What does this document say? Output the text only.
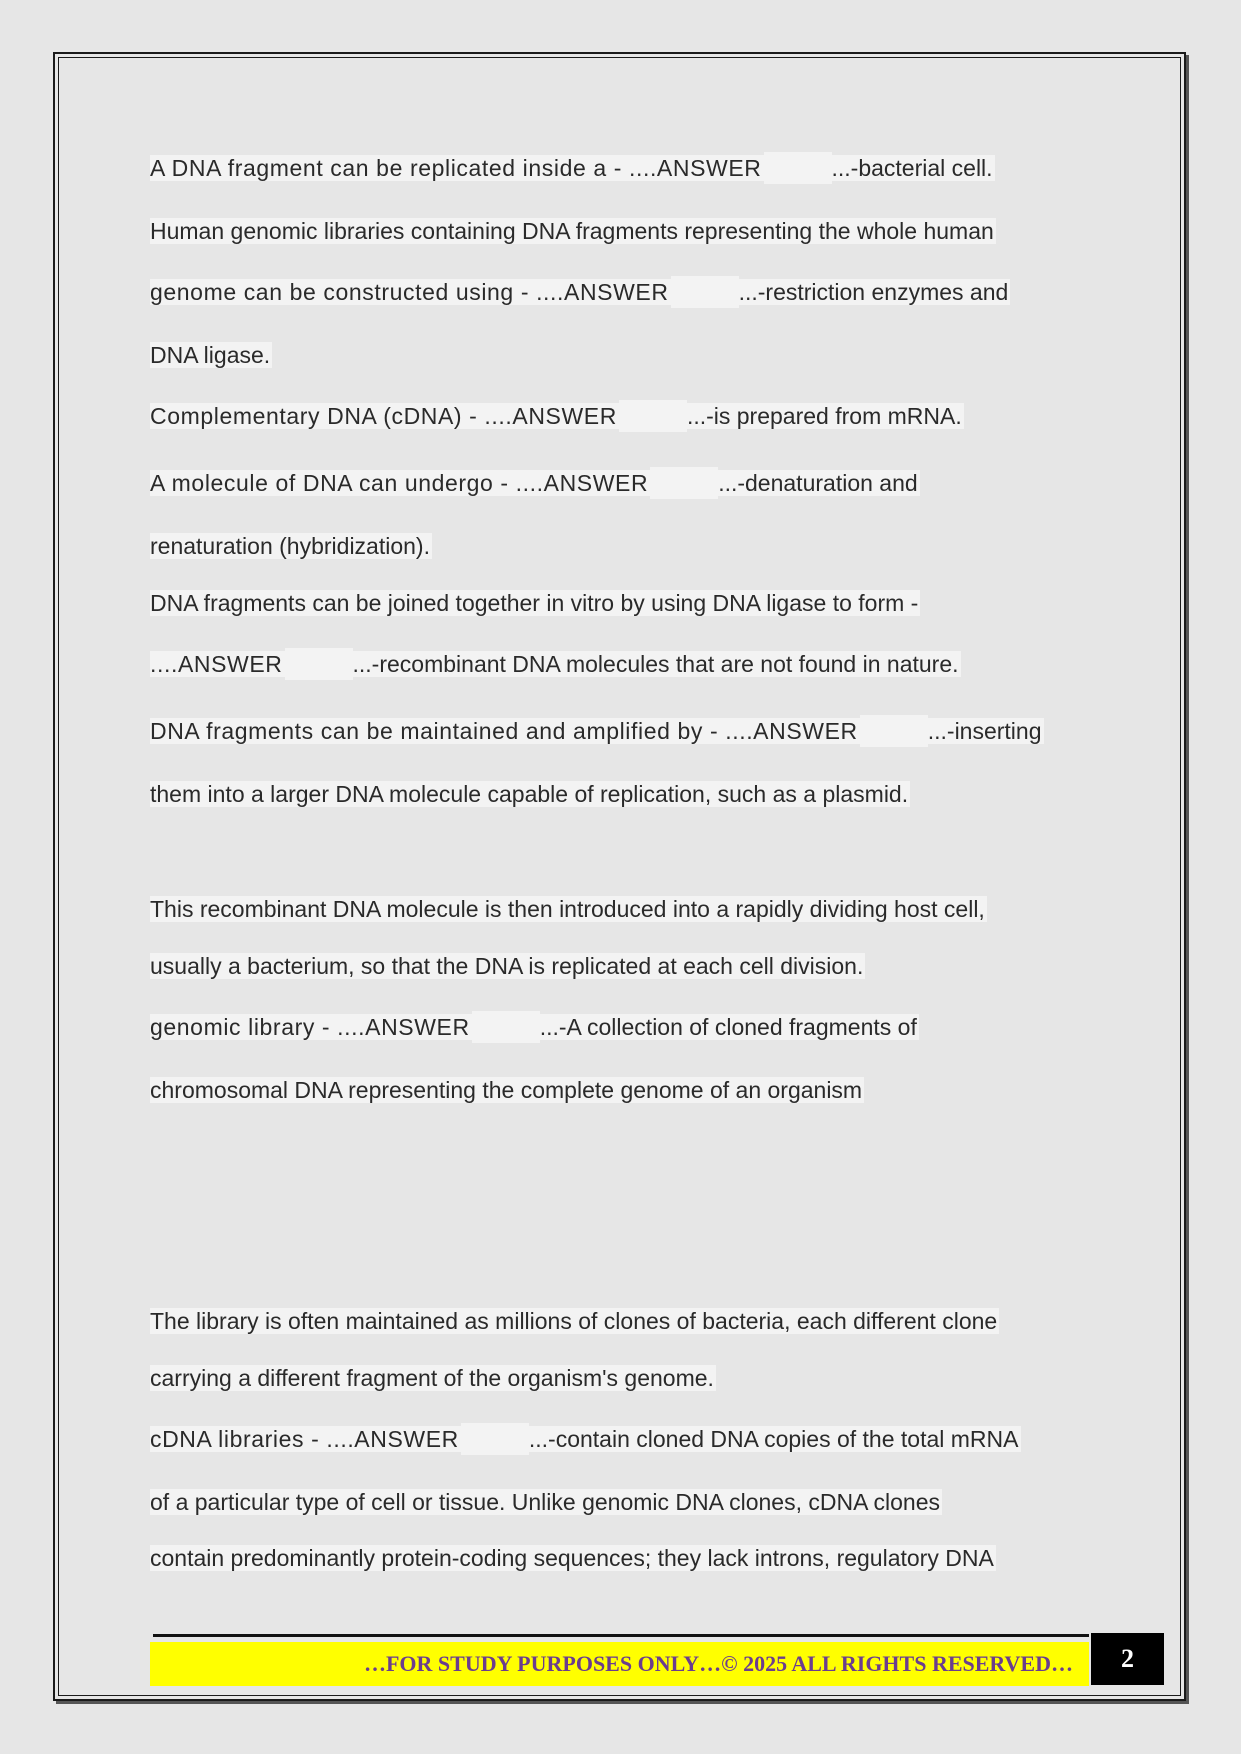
A DNA fragment can be replicated inside a - ....ANSWER	...-bacterial cell.
Human genomic libraries containing DNA fragments representing the whole human
genome can be constructed using - ....ANSWER	...-restriction enzymes and
DNA ligase.
Complementary DNA (cDNA) - ....ANSWER	...-is prepared from mRNA.
A molecule of DNA can undergo - ....ANSWER	...-denaturation and
renaturation (hybridization).
DNA fragments can be joined together in vitro by using DNA ligase to form -
....ANSWER	...-recombinant DNA molecules that are not found in nature.
DNA fragments can be maintained and amplified by - ....ANSWER	...-inserting
them into a larger DNA molecule capable of replication, such as a plasmid.
This recombinant DNA molecule is then introduced into a rapidly dividing host cell,
usually a bacterium, so that the DNA is replicated at each cell division.
genomic library - ....ANSWER	...-A collection of cloned fragments of
chromosomal DNA representing the complete genome of an organism
The library is often maintained as millions of clones of bacteria, each different clone
carrying a different fragment of the organism's genome.
cDNA libraries - ....ANSWER	...-contain cloned DNA copies of the total mRNA
of a particular type of cell or tissue. Unlike genomic DNA clones, cDNA clones
contain predominantly protein-coding sequences; they lack introns, regulatory DNA
…FOR STUDY PURPOSES ONLY…© 2025 ALL RIGHTS RESERVED…	2
